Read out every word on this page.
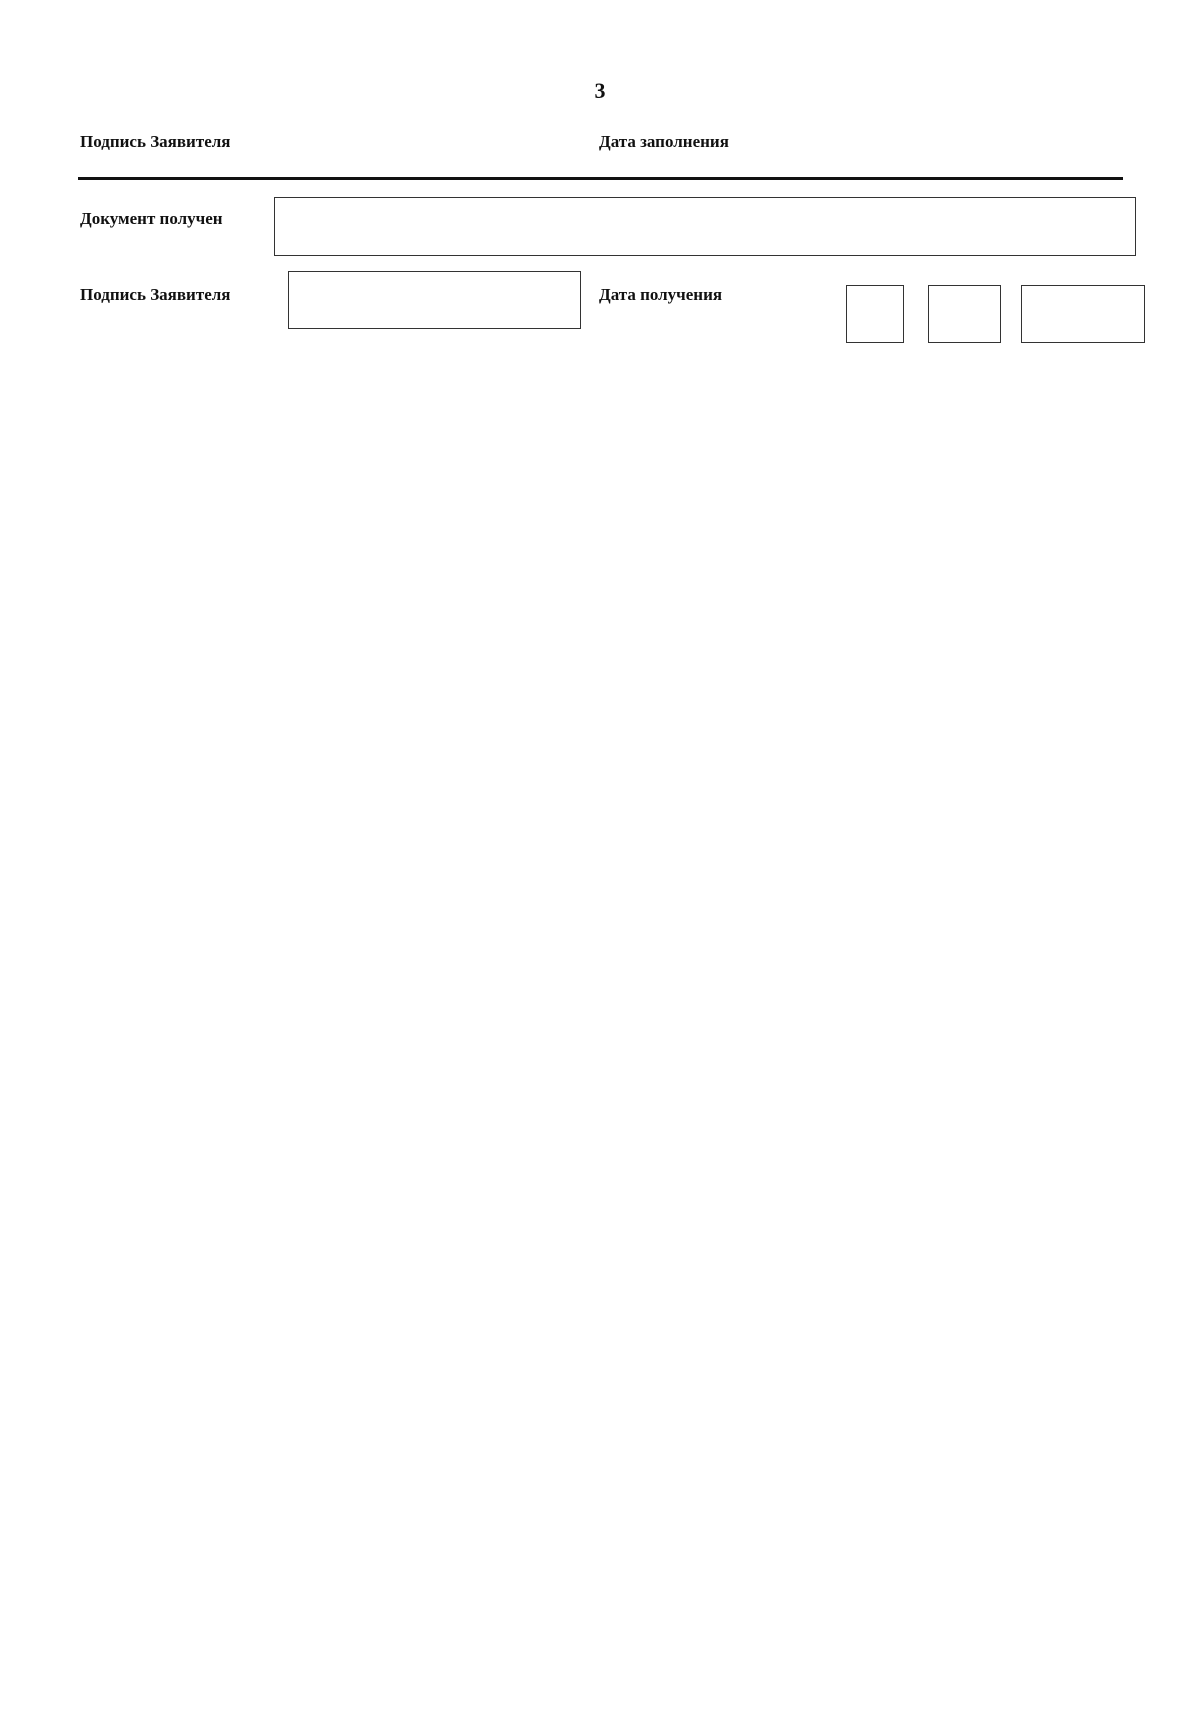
3
Подпись Заявителя	Дата заполнения
Документ получен
Подпись Заявителя	Дата получения
